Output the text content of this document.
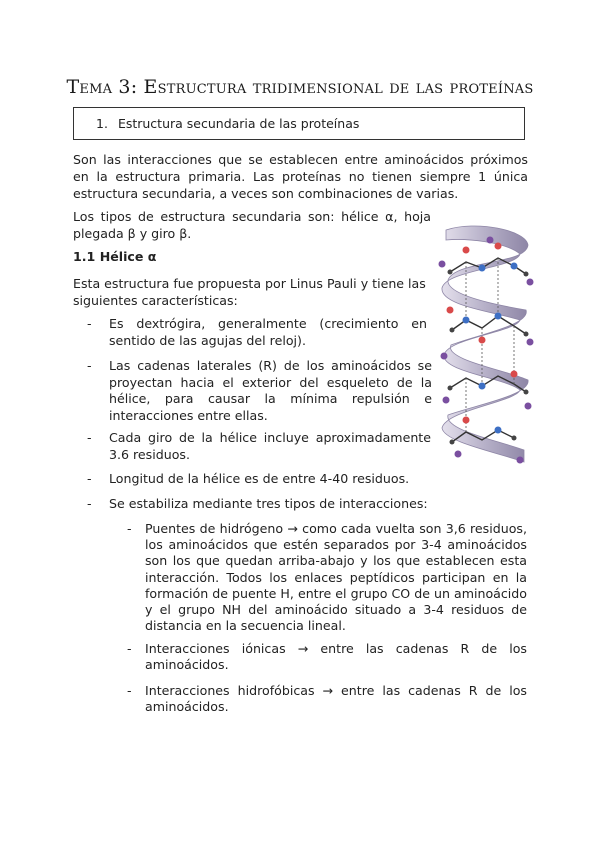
Tema 3: Estructura tridimensional de las proteínas
1. Estructura secundaria de las proteínas
Son las interacciones que se establecen entre aminoácidos próximos en la estructura primaria. Las proteínas no tienen siempre 1 única estructura secundaria, a veces son combinaciones de varias.
Los tipos de estructura secundaria son: hélice α, hoja plegada β y giro β.
1.1 Hélice α
Esta estructura fue propuesta por Linus Pauli y tiene las siguientes características:
- Es dextrógira, generalmente (crecimiento en sentido de las agujas del reloj).
- Las cadenas laterales (R) de los aminoácidos se proyectan hacia el exterior del esqueleto de la hélice, para causar la mínima repulsión e interacciones entre ellas.
- Cada giro de la hélice incluye aproximadamente 3.6 residuos.
- Longitud de la hélice es de entre 4-40 residuos.
- Se estabiliza mediante tres tipos de interacciones:
- Puentes de hidrógeno → como cada vuelta son 3,6 residuos, los aminoácidos que estén separados por 3-4 aminoácidos son los que quedan arriba-abajo y los que establecen esta interacción. Todos los enlaces peptídicos participan en la formación de puente H, entre el grupo CO de un aminoácido y el grupo NH del aminoácido situado a 3-4 residuos de distancia en la secuencia lineal.
- Interacciones iónicas → entre las cadenas R de los aminoácidos.
- Interacciones hidrofóbicas → entre las cadenas R de los aminoácidos.
